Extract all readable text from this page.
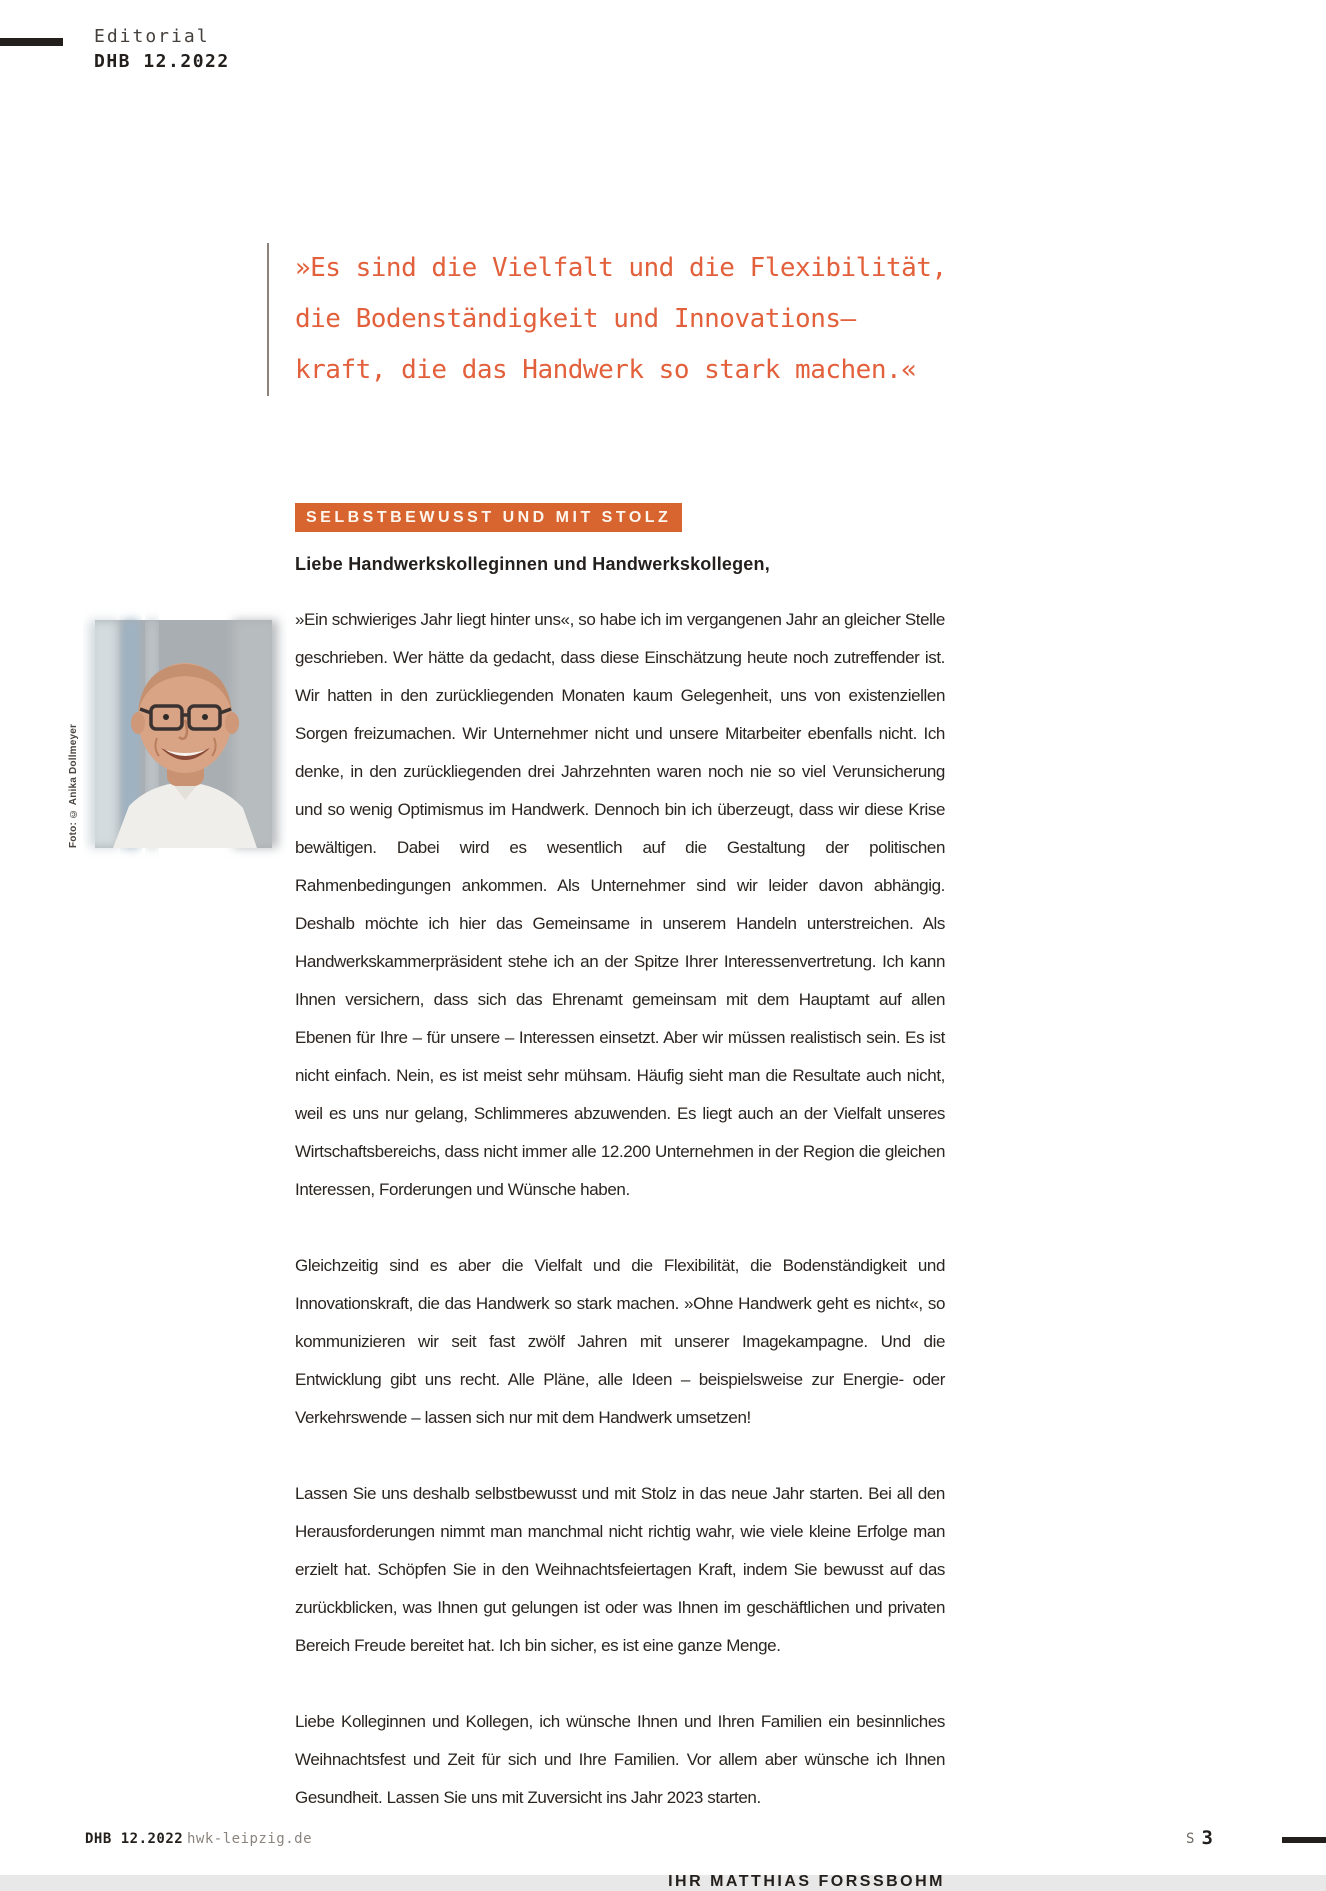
Editorial
DHB 12.2022
»Es sind die Vielfalt und die Flexibilität,
die Bodenständigkeit und Innovations–
kraft, die das Handwerk so stark machen.«
SELBSTBEWUSST UND MIT STOLZ
Liebe Handwerkskolleginnen und Handwerkskollegen,
Foto: © Anika Dollmeyer

»Ein schwieriges Jahr liegt hinter uns«, so habe ich im vergangenen Jahr an gleicher Stelle geschrieben. Wer hätte da gedacht, dass diese Einschätzung heute noch zutreffender ist. Wir hatten in den zurückliegenden Monaten kaum Gelegenheit, uns von existenziellen Sorgen freizumachen. Wir Unternehmer nicht und unsere Mitarbeiter ebenfalls nicht. Ich denke, in den zurückliegenden drei Jahrzehnten waren noch nie so viel Verunsicherung und so wenig Optimismus im Handwerk. Dennoch bin ich überzeugt, dass wir diese Krise bewältigen. Dabei wird es wesentlich auf die Gestaltung der politischen Rahmenbedingungen ankommen. Als Unternehmer sind wir leider davon abhängig. Deshalb möchte ich hier das Gemeinsame in unserem Handeln unterstreichen. Als Handwerkskammerpräsident stehe ich an der Spitze Ihrer Interessenvertretung. Ich kann Ihnen versichern, dass sich das Ehrenamt gemeinsam mit dem Hauptamt auf allen Ebenen für Ihre – für unsere – Interessen einsetzt. Aber wir müssen realistisch sein. Es ist nicht einfach. Nein, es ist meist sehr mühsam. Häufig sieht man die Resultate auch nicht, weil es uns nur gelang, Schlimmeres abzuwenden. Es liegt auch an der Vielfalt unseres Wirtschaftsbereichs, dass nicht immer alle 12.200 Unternehmen in der Region die gleichen Interessen, Forderungen und Wünsche haben.

Gleichzeitig sind es aber die Vielfalt und die Flexibilität, die Bodenständigkeit und Innovationskraft, die das Handwerk so stark machen. »Ohne Handwerk geht es nicht«, so kommunizieren wir seit fast zwölf Jahren mit unserer Imagekampagne. Und die Entwicklung gibt uns recht. Alle Pläne, alle Ideen – beispielsweise zur Energie- oder Verkehrswende – lassen sich nur mit dem Handwerk umsetzen!

Lassen Sie uns deshalb selbstbewusst und mit Stolz in das neue Jahr starten. Bei all den Herausforderungen nimmt man manchmal nicht richtig wahr, wie viele kleine Erfolge man erzielt hat. Schöpfen Sie in den Weihnachtsfeiertagen Kraft, indem Sie bewusst auf das zurückblicken, was Ihnen gut gelungen ist oder was Ihnen im geschäftlichen und privaten Bereich Freude bereitet hat. Ich bin sicher, es ist eine ganze Menge.

Liebe Kolleginnen und Kollegen, ich wünsche Ihnen und Ihren Familien ein besinnliches Weihnachtsfest und Zeit für sich und Ihre Familien. Vor allem aber wünsche ich Ihnen Gesundheit. Lassen Sie uns mit Zuversicht ins Jahr 2023 starten.

IHR MATTHIAS FORSSBOHM
DHB 12.2022 hwk-leipzig.de	S 3
